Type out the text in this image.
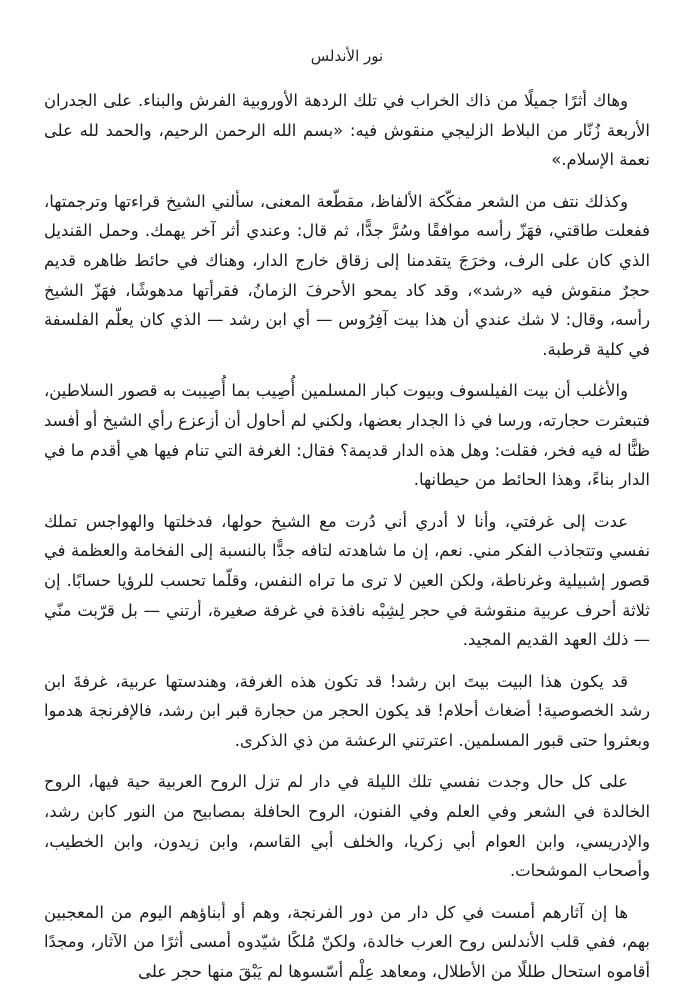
نور الأندلس

وهاك أثرًا جميلًا من ذاك الخراب في تلك الردهة الأوروبية الفرش والبناء. على الجدران الأربعة زُنّار من البلاط الزليجي منقوش فيه: «بسم الله الرحمن الرحيم، والحمد لله على نعمة الإسلام.»

وكذلك نتف من الشعر مفكّكة الألفاظ، مقطّعة المعنى، سألني الشيخ قراءتها وترجمتها، ففعلت طاقتي، فهَزّ رأسه موافقًا وسُرَّ جدًّا، ثم قال: وعندي أثر آخر يهمك. وحمل القنديل الذي كان على الرف، وخرَجَ يتقدمنا إلى زقاق خارج الدار، وهناك في حائط ظاهره قديم حجرٌ منقوش فيه «رشد»، وقد كاد يمحو الأحرفَ الزمانُ، فقرأتها مدهوشًا، فهَزّ الشيخ رأسه، وقال: لا شك عندي أن هذا بيت آفِرُوس — أي ابن رشد — الذي كان يعلّم الفلسفة في كلية قرطبة.

والأغلب أن بيت الفيلسوف وبيوت كبار المسلمين أُصِيب بما أُصِيبت به قصور السلاطين، فتبعثرت حجارته، ورسا في ذا الجدار بعضها، ولكني لم أحاول أن أزعزع رأي الشيخ أو أفسد ظنًّا له فيه فخر، فقلت: وهل هذه الدار قديمة؟ فقال: الغرفة التي تنام فيها هي أقدم ما في الدار بناءً، وهذا الحائط من حيطانها.

عدت إلى غرفتي، وأنا لا أدري أني دُرت مع الشيخ حولها، فدخلتها والهواجس تملك نفسي وتتجاذب الفكر مني. نعم، إن ما شاهدته لتافه جدًّا بالنسبة إلى الفخامة والعظمة في قصور إشبيلية وغرناطة، ولكن العين لا ترى ما تراه النفس، وقلّما تحسب للرؤيا حسابًا. إن ثلاثة أحرف عربية منقوشة في حجر لِشِبْه نافذة في غرفة صغيرة، أرتني — بل قرّبت منّي — ذلك العهد القديم المجيد.

قد يكون هذا البيت بيتَ ابن رشد! قد تكون هذه الغرفة، وهندستها عربية، غرفةَ ابن رشد الخصوصية! أضغاث أحلام! قد يكون الحجر من حجارة قبر ابن رشد، فالإفرنجة هدموا وبعثروا حتى قبور المسلمين. اعترتني الرعشة من ذي الذكرى.

على كل حال وجدت نفسي تلك الليلة في دار لم تزل الروح العربية حية فيها، الروح الخالدة في الشعر وفي العلم وفي الفنون، الروح الحافلة بمصابيح من النور كابن رشد، والإدريسي، وابن العوام أبي زكريا، والخلف أبي القاسم، وابن زيدون، وابن الخطيب، وأصحاب الموشحات.

ها إن آثارهم أمست في كل دار من دور الفرنجة، وهم أو أبناؤهم اليوم من المعجبين بهم، ففي قلب الأندلس روح العرب خالدة، ولكنّ مُلكًا شيّدوه أمسى أثرًا من الآثار، ومجدًا أقاموه استحال طللًا من الأطلال، ومعاهد عِلْم أسّسوها لم يَبْقَ منها حجر على
